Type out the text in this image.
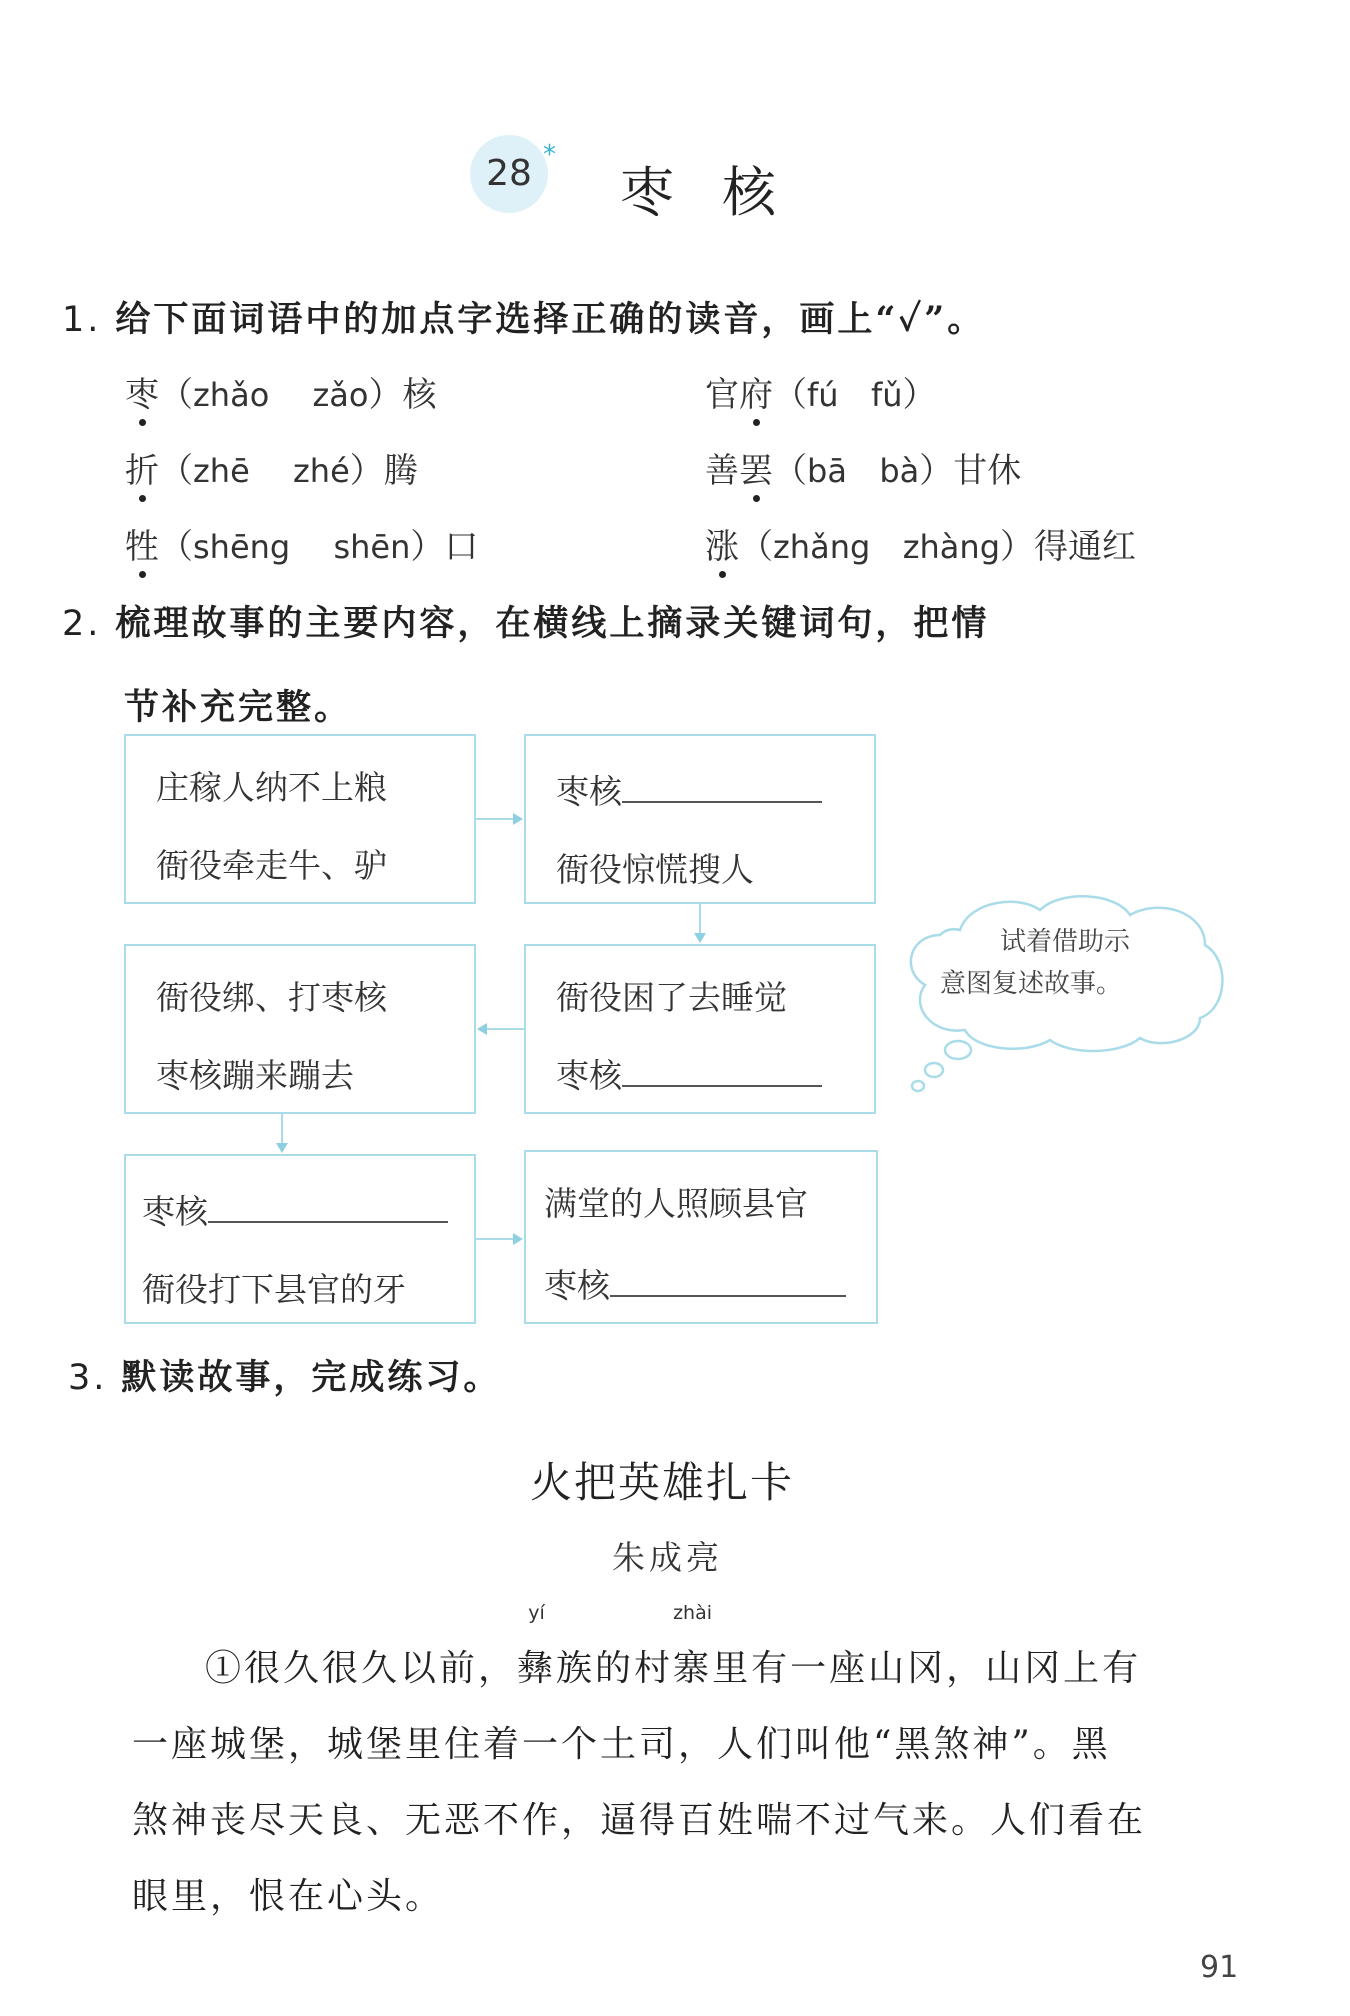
28 *
枣核
1. 给下面词语中的加点字选择正确的读音，画上“✓”。
枣（zhǎo zǎo）核
折（zhē zhé）腾
牲（shēng shēn）口
官府（fú fǔ）
善罢（bā bà）甘休
涨（zhǎng zhàng）得通红
2. 梳理故事的主要内容，在横线上摘录关键词句，把情
节补充完整。
庄稼人纳不上粮
衙役牵走牛、驴
枣核
衙役惊慌搜人
衙役绑、打枣核
枣核蹦来蹦去
衙役困了去睡觉
枣核
枣核
衙役打下县官的牙
满堂的人照顾县官
枣核
试着借助示
意图复述故事。
3. 默读故事，完成练习。
火把英雄扎卡
朱成亮
①很久很久以前，
yí
彝族的村
zhài
寨里有一座山冈，山冈上有
一座城堡，城堡里住着一个土司，人们叫他“黑煞神”。黑
煞神丧尽天良、无恶不作，逼得百姓喘不过气来。人们看在
眼里，恨在心头。
91
